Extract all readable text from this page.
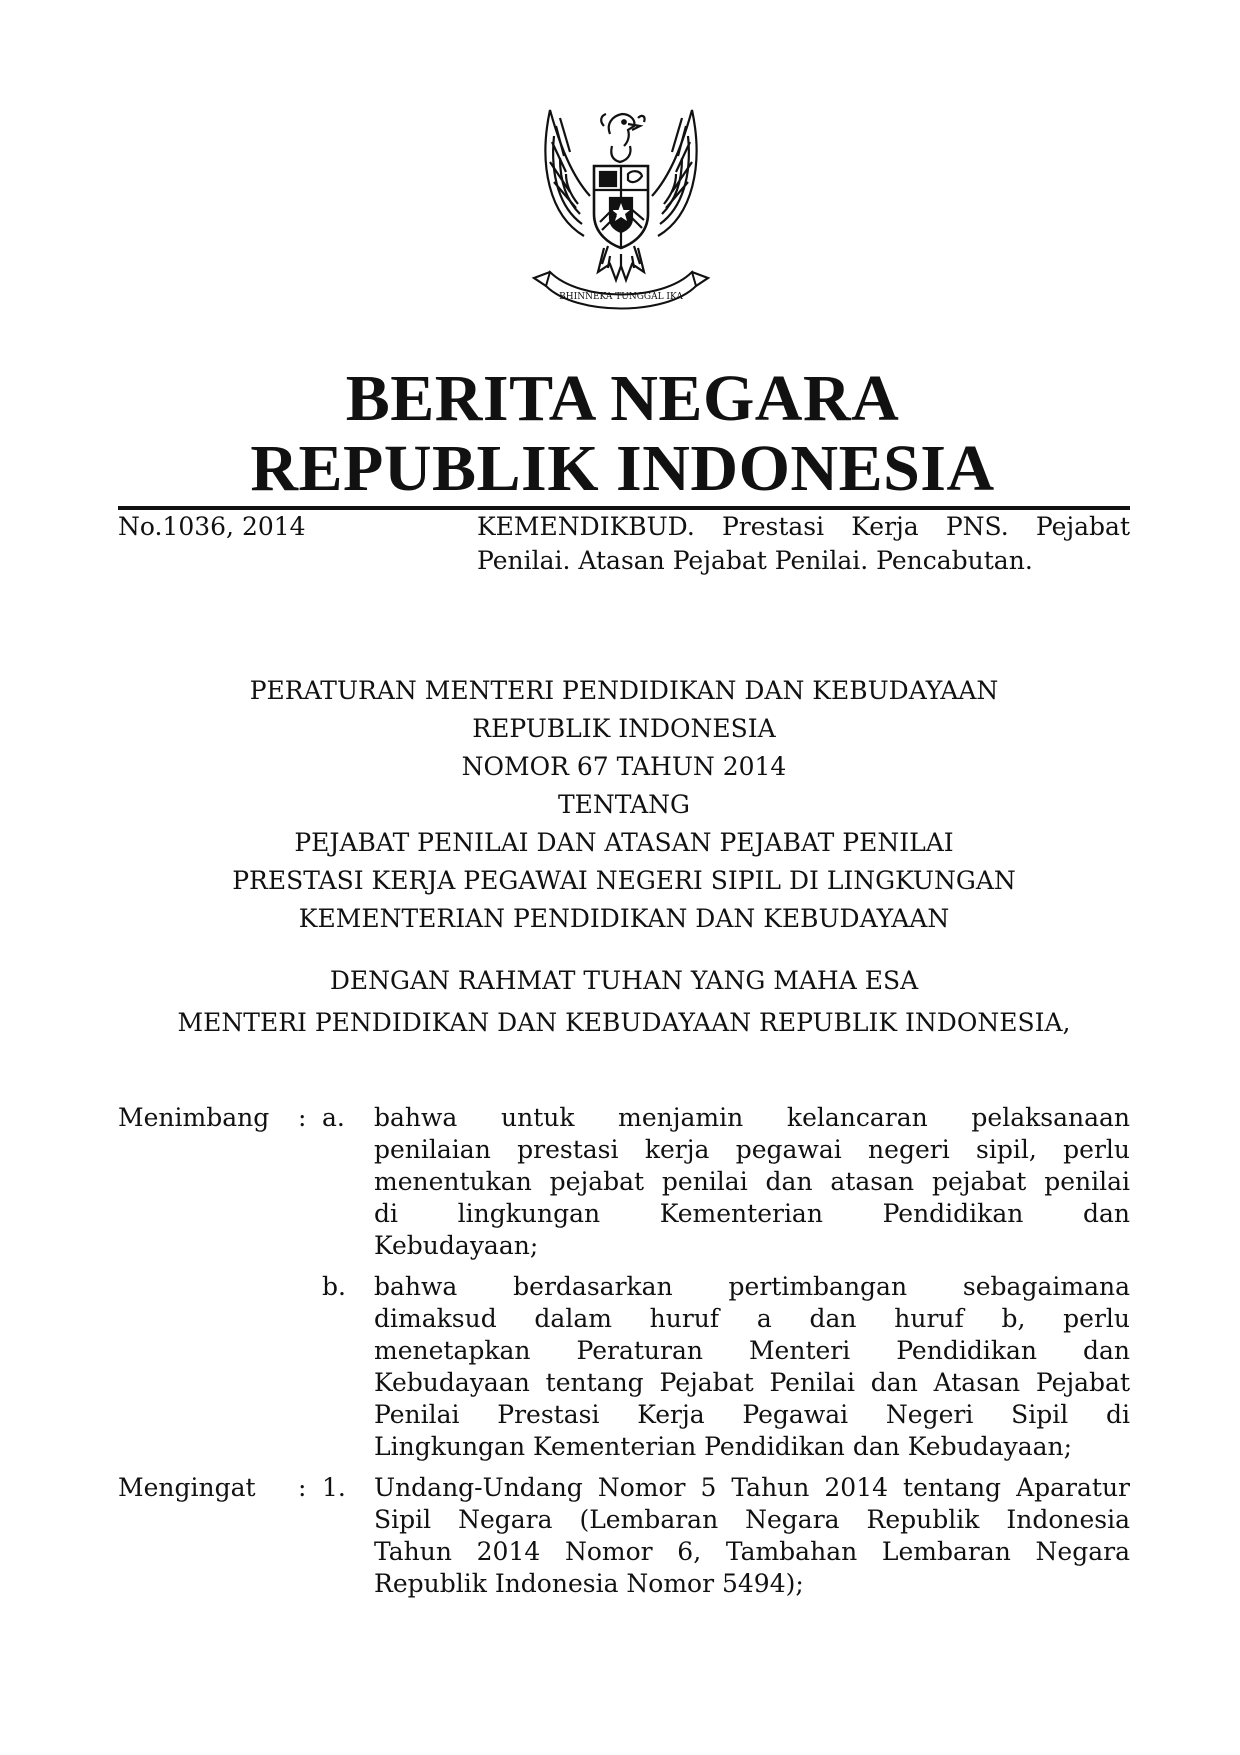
BHINNEKA TUNGGAL IKA
BERITA NEGARA
REPUBLIK INDONESIA
No.1036, 2014	KEMENDIKBUD. Prestasi Kerja PNS. Pejabat
Penilai. Atasan Pejabat Penilai. Pencabutan.
PERATURAN MENTERI PENDIDIKAN DAN KEBUDAYAAN
REPUBLIK INDONESIA
NOMOR 67 TAHUN 2014
TENTANG
PEJABAT PENILAI DAN ATASAN PEJABAT PENILAI
PRESTASI KERJA PEGAWAI NEGERI SIPIL DI LINGKUNGAN
KEMENTERIAN PENDIDIKAN DAN KEBUDAYAAN
DENGAN RAHMAT TUHAN YANG MAHA ESA
MENTERI PENDIDIKAN DAN KEBUDAYAAN REPUBLIK INDONESIA,
Menimbang : a. bahwa untuk menjamin kelancaran pelaksanaan
penilaian prestasi kerja pegawai negeri sipil, perlu
menentukan pejabat penilai dan atasan pejabat penilai
di lingkungan Kementerian Pendidikan dan
Kebudayaan;
b. bahwa berdasarkan pertimbangan sebagaimana
dimaksud dalam huruf a dan huruf b, perlu
menetapkan Peraturan Menteri Pendidikan dan
Kebudayaan tentang Pejabat Penilai dan Atasan Pejabat
Penilai Prestasi Kerja Pegawai Negeri Sipil di
Lingkungan Kementerian Pendidikan dan Kebudayaan;
Mengingat : 1. Undang-Undang Nomor 5 Tahun 2014 tentang Aparatur
Sipil Negara (Lembaran Negara Republik Indonesia
Tahun 2014 Nomor 6, Tambahan Lembaran Negara
Republik Indonesia Nomor 5494);
